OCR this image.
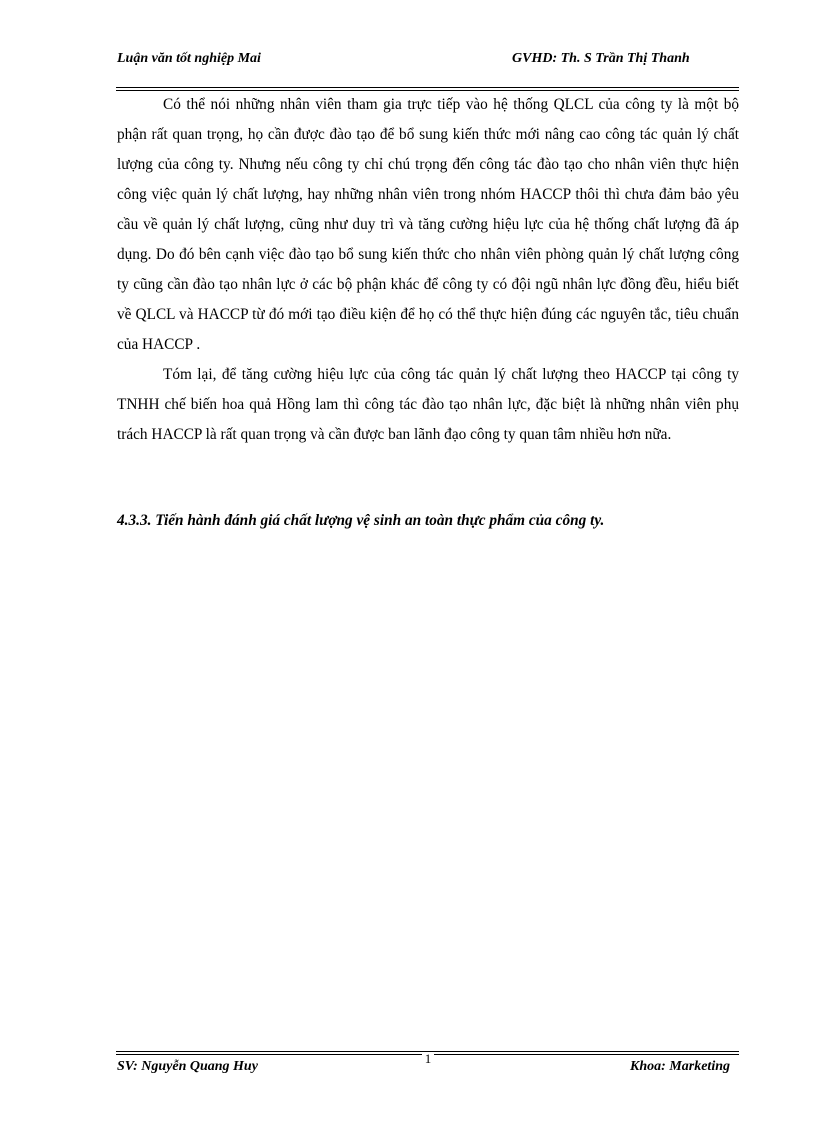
Luận văn tốt nghiệp Mai	GVHD: Th. S Trần Thị Thanh

Có thể nói những nhân viên tham gia trực tiếp vào hệ thống QLCL của công ty là một bộ phận rất quan trọng, họ cần được đào tạo để bổ sung kiến thức mới nâng cao công tác quản lý chất lượng của công ty. Nhưng nếu công ty chỉ chú trọng đến công tác đào tạo cho nhân viên thực hiện công việc quản lý chất lượng, hay những nhân viên trong nhóm HACCP thôi thì chưa đảm bảo yêu cầu về quản lý chất lượng, cũng như duy trì và tăng cường hiệu lực của hệ thống chất lượng đã áp dụng. Do đó bên cạnh việc đào tạo bổ sung kiến thức cho nhân viên phòng quản lý chất lượng công ty cũng cần đào tạo nhân lực ở các bộ phận khác để công ty có đội ngũ nhân lực đồng đều, hiểu biết về QLCL và HACCP từ đó mới tạo điều kiện để họ có thể thực hiện đúng các nguyên tắc, tiêu chuẩn của HACCP .

Tóm lại, để tăng cường hiệu lực của công tác quản lý chất lượng theo HACCP tại công ty TNHH chế biến hoa quả Hồng lam thì công tác đào tạo nhân lực, đặc biệt là những nhân viên phụ trách HACCP là rất quan trọng và cần được ban lãnh đạo công ty quan tâm nhiều hơn nữa.

4.3.3. Tiến hành đánh giá chất lượng vệ sinh an toàn thực phẩm của công ty.
1
SV: Nguyễn Quang Huy	Khoa: Marketing
